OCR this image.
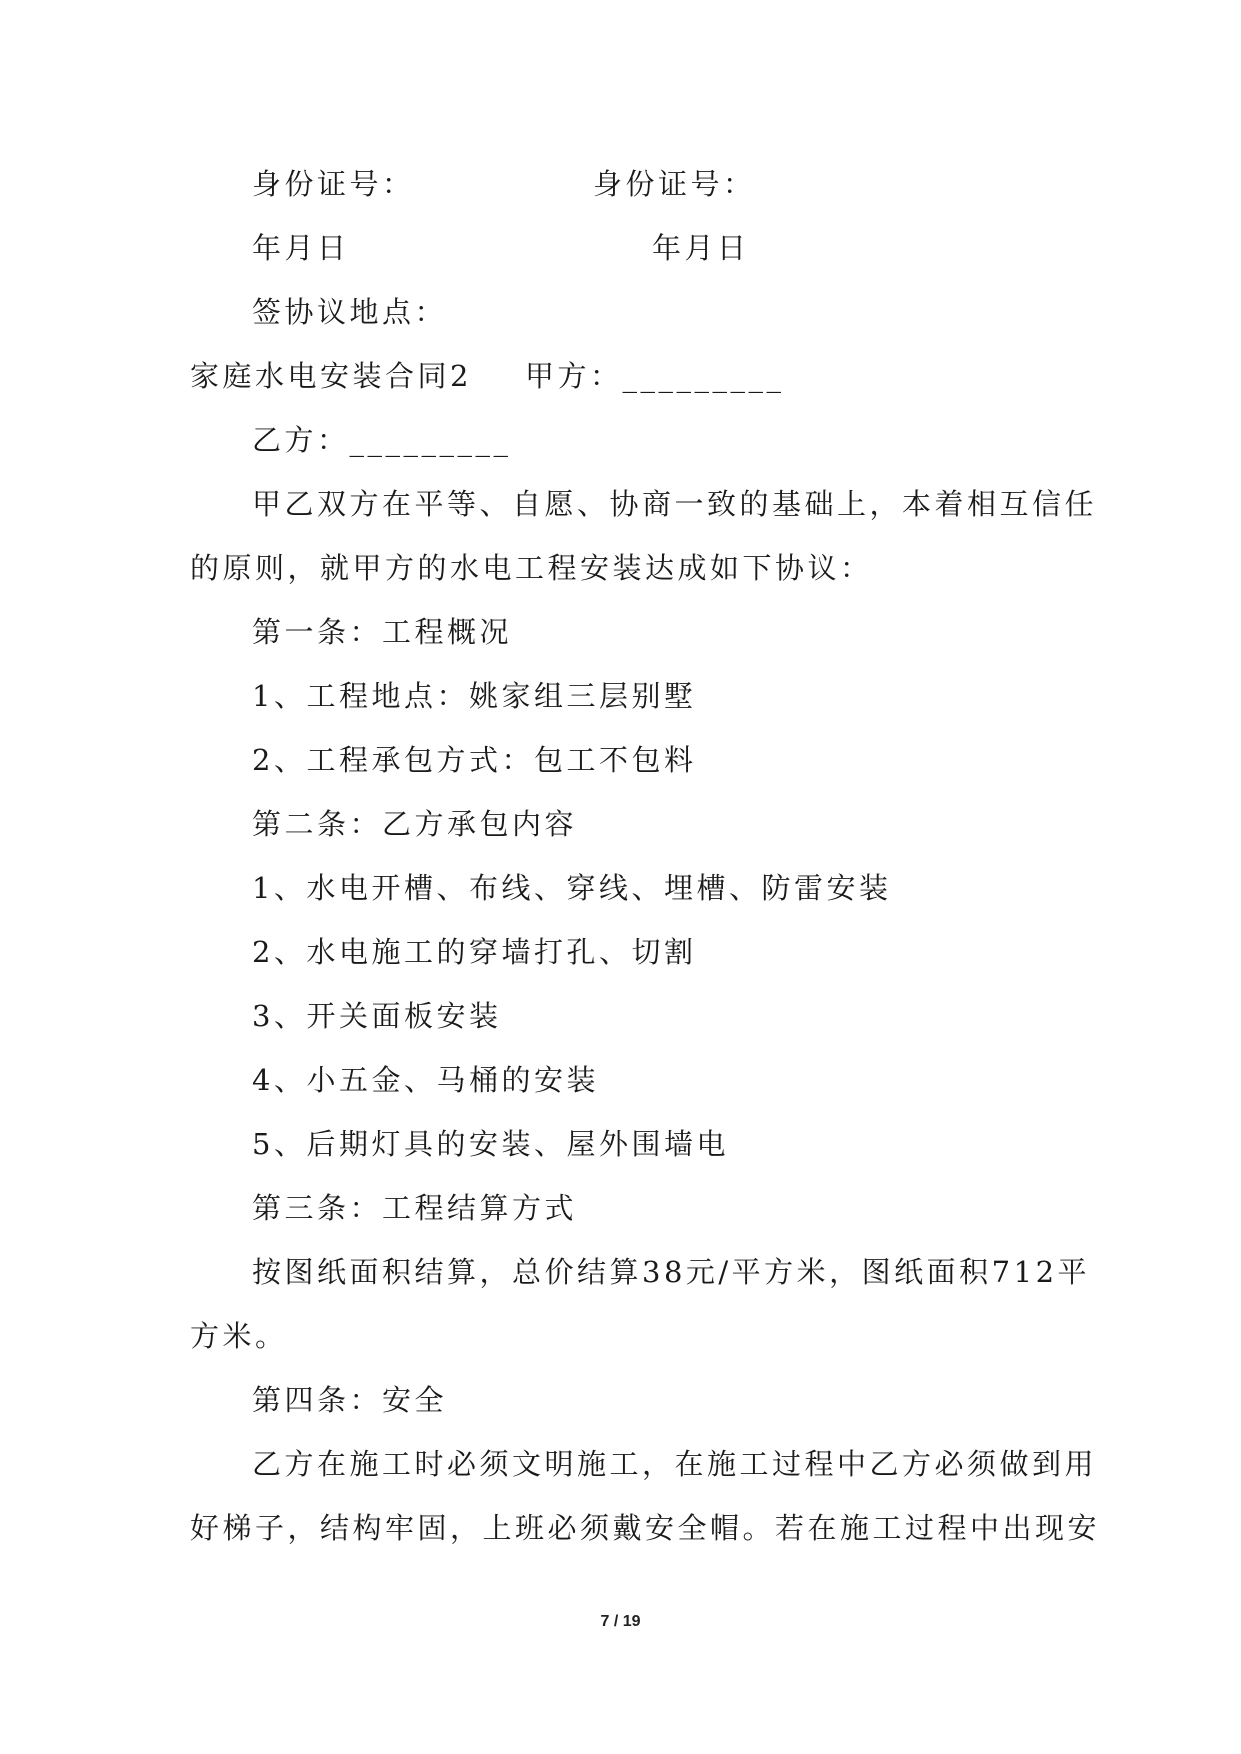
身份证号：	身份证号：
年月日	年月日
签协议地点：
家庭水电安装合同2 甲方：_________
乙方：_________
甲乙双方在平等、自愿、协商一致的基础上，本着相互信任
的原则，就甲方的水电工程安装达成如下协议：
第一条：工程概况
1、工程地点：姚家组三层别墅
2、工程承包方式：包工不包料
第二条：乙方承包内容
1、水电开槽、布线、穿线、埋槽、防雷安装
2、水电施工的穿墙打孔、切割
3、开关面板安装
4、小五金、马桶的安装
5、后期灯具的安装、屋外围墙电
第三条：工程结算方式
按图纸面积结算，总价结算38元/平方米，图纸面积712平
方米。
第四条：安全
乙方在施工时必须文明施工，在施工过程中乙方必须做到用
好梯子，结构牢固，上班必须戴安全帽。若在施工过程中出现安
7 / 19
